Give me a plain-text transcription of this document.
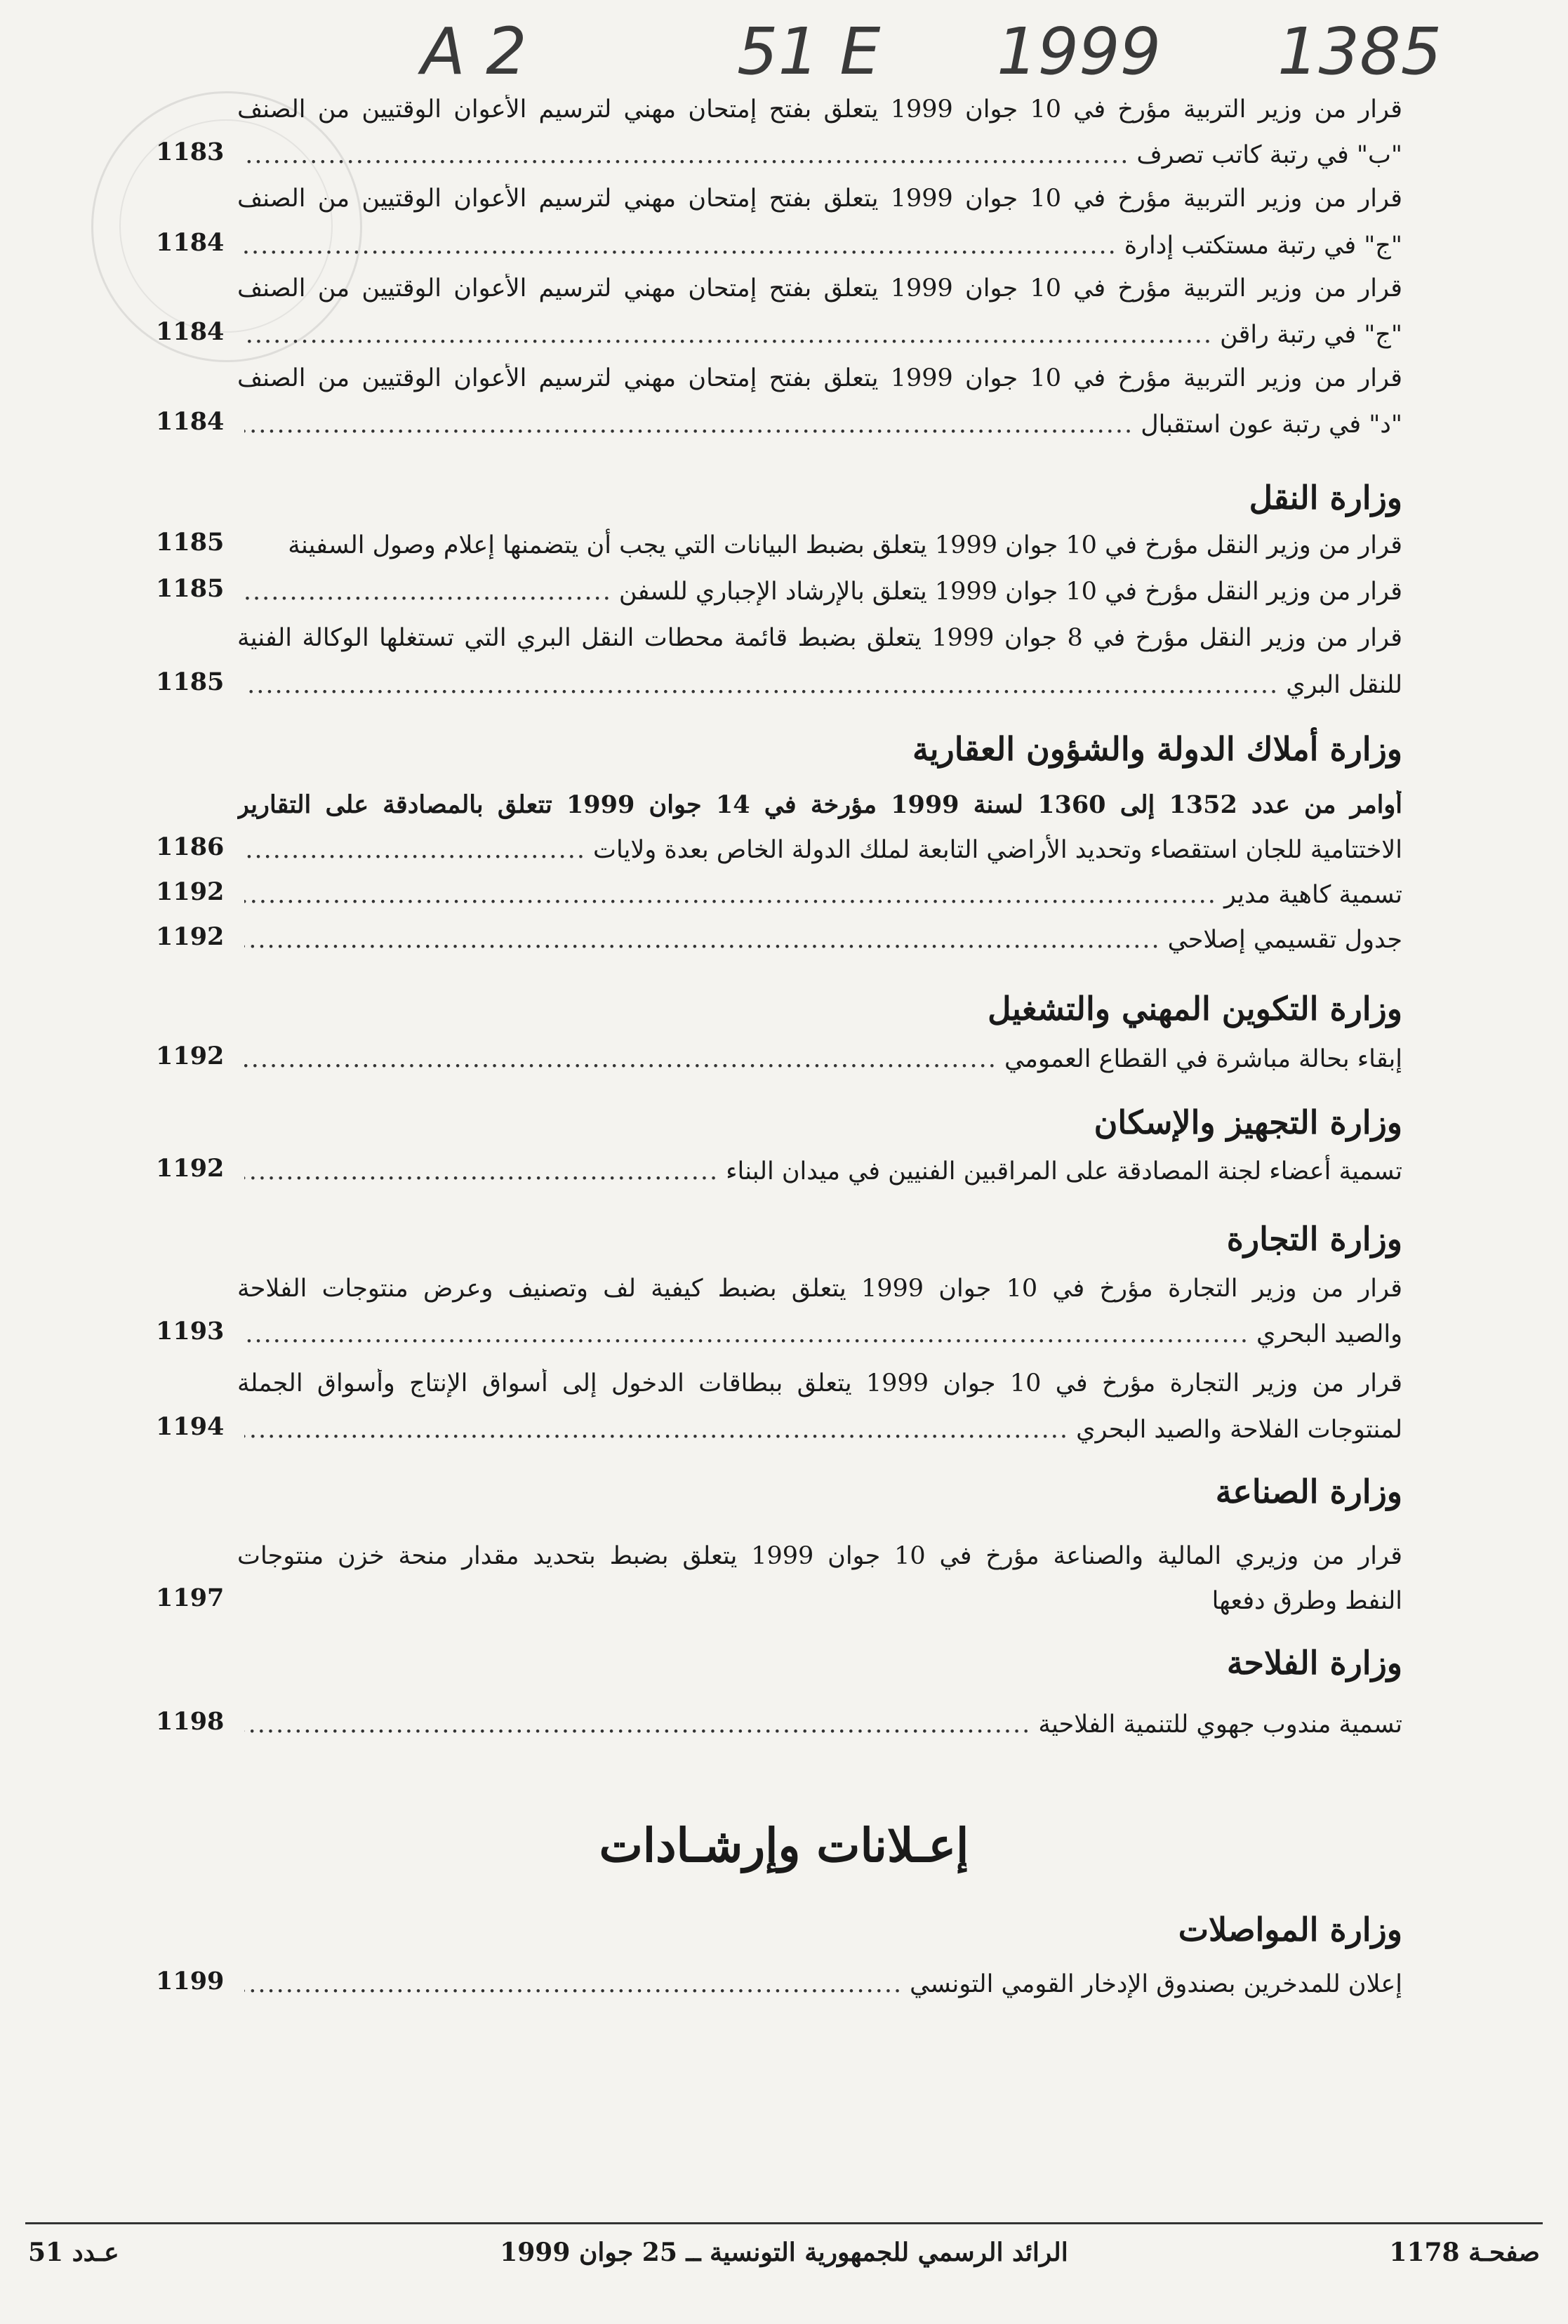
A 2	51 E 1999 1385
قرار من وزير التربية مؤرخ في 10 جوان 1999 يتعلق بفتح إمتحان مهني لترسيم الأعوان الوقتيين من الصنف
"ب" في رتبة كاتب تصرف
.....
1183
قرار من وزير التربية مؤرخ في 10 جوان 1999 يتعلق بفتح إمتحان مهني لترسيم الأعوان الوقتيين من الصنف
"ج" في رتبة مستكتب إدارة
.....
1184
قرار من وزير التربية مؤرخ في 10 جوان 1999 يتعلق بفتح إمتحان مهني لترسيم الأعوان الوقتيين من الصنف
"ج" في رتبة راقن
.....
1184
قرار من وزير التربية مؤرخ في 10 جوان 1999 يتعلق بفتح إمتحان مهني لترسيم الأعوان الوقتيين من الصنف
"د" في رتبة عون استقبال
.....
1184
وزارة النقل
قرار من وزير النقل مؤرخ في 10 جوان 1999 يتعلق بضبط البيانات التي يجب أن يتضمنها إعلام وصول السفينة
1185
قرار من وزير النقل مؤرخ في 10 جوان 1999 يتعلق بالإرشاد الإجباري للسفن
.....
1185
قرار من وزير النقل مؤرخ في 8 جوان 1999 يتعلق بضبط قائمة محطات النقل البري التي تستغلها الوكالة الفنية
للنقل البري
.....
1185
وزارة أملاك الدولة والشؤون العقارية
أوامر من عدد 1352 إلى 1360 لسنة 1999 مؤرخة في 14 جوان 1999 تتعلق بالمصادقة على التقارير
الاختتامية للجان استقصاء وتحديد الأراضي التابعة لملك الدولة الخاص بعدة ولايات
.....
1186
تسمية كاهية مدير
.....
1192
جدول تقسيمي إصلاحي
.....
1192
وزارة التكوين المهني والتشغيل
إبقاء بحالة مباشرة في القطاع العمومي
.....
1192
وزارة التجهيز والإسكان
تسمية أعضاء لجنة المصادقة على المراقبين الفنيين في ميدان البناء
.....
1192
وزارة التجارة
قرار من وزير التجارة مؤرخ في 10 جوان 1999 يتعلق بضبط كيفية لف وتصنيف وعرض منتوجات الفلاحة
والصيد البحري
.....
1193
قرار من وزير التجارة مؤرخ في 10 جوان 1999 يتعلق ببطاقات الدخول إلى أسواق الإنتاج وأسواق الجملة
لمنتوجات الفلاحة والصيد البحري
.....
1194
وزارة الصناعة
قرار من وزيري المالية والصناعة مؤرخ في 10 جوان 1999 يتعلق بضبط بتحديد مقدار منحة خزن منتوجات
النفط وطرق دفعها
1197
وزارة الفلاحة
تسمية مندوب جهوي للتنمية الفلاحية
.....
1198
إعـلانات وإرشـادات
وزارة المواصلات
إعلان للمدخرين بصندوق الإدخار القومي التونسي
.....
1199
صفحـة 1178
الرائد الرسمي للجمهورية التونسية ــ 25 جوان 1999
عـدد 51
